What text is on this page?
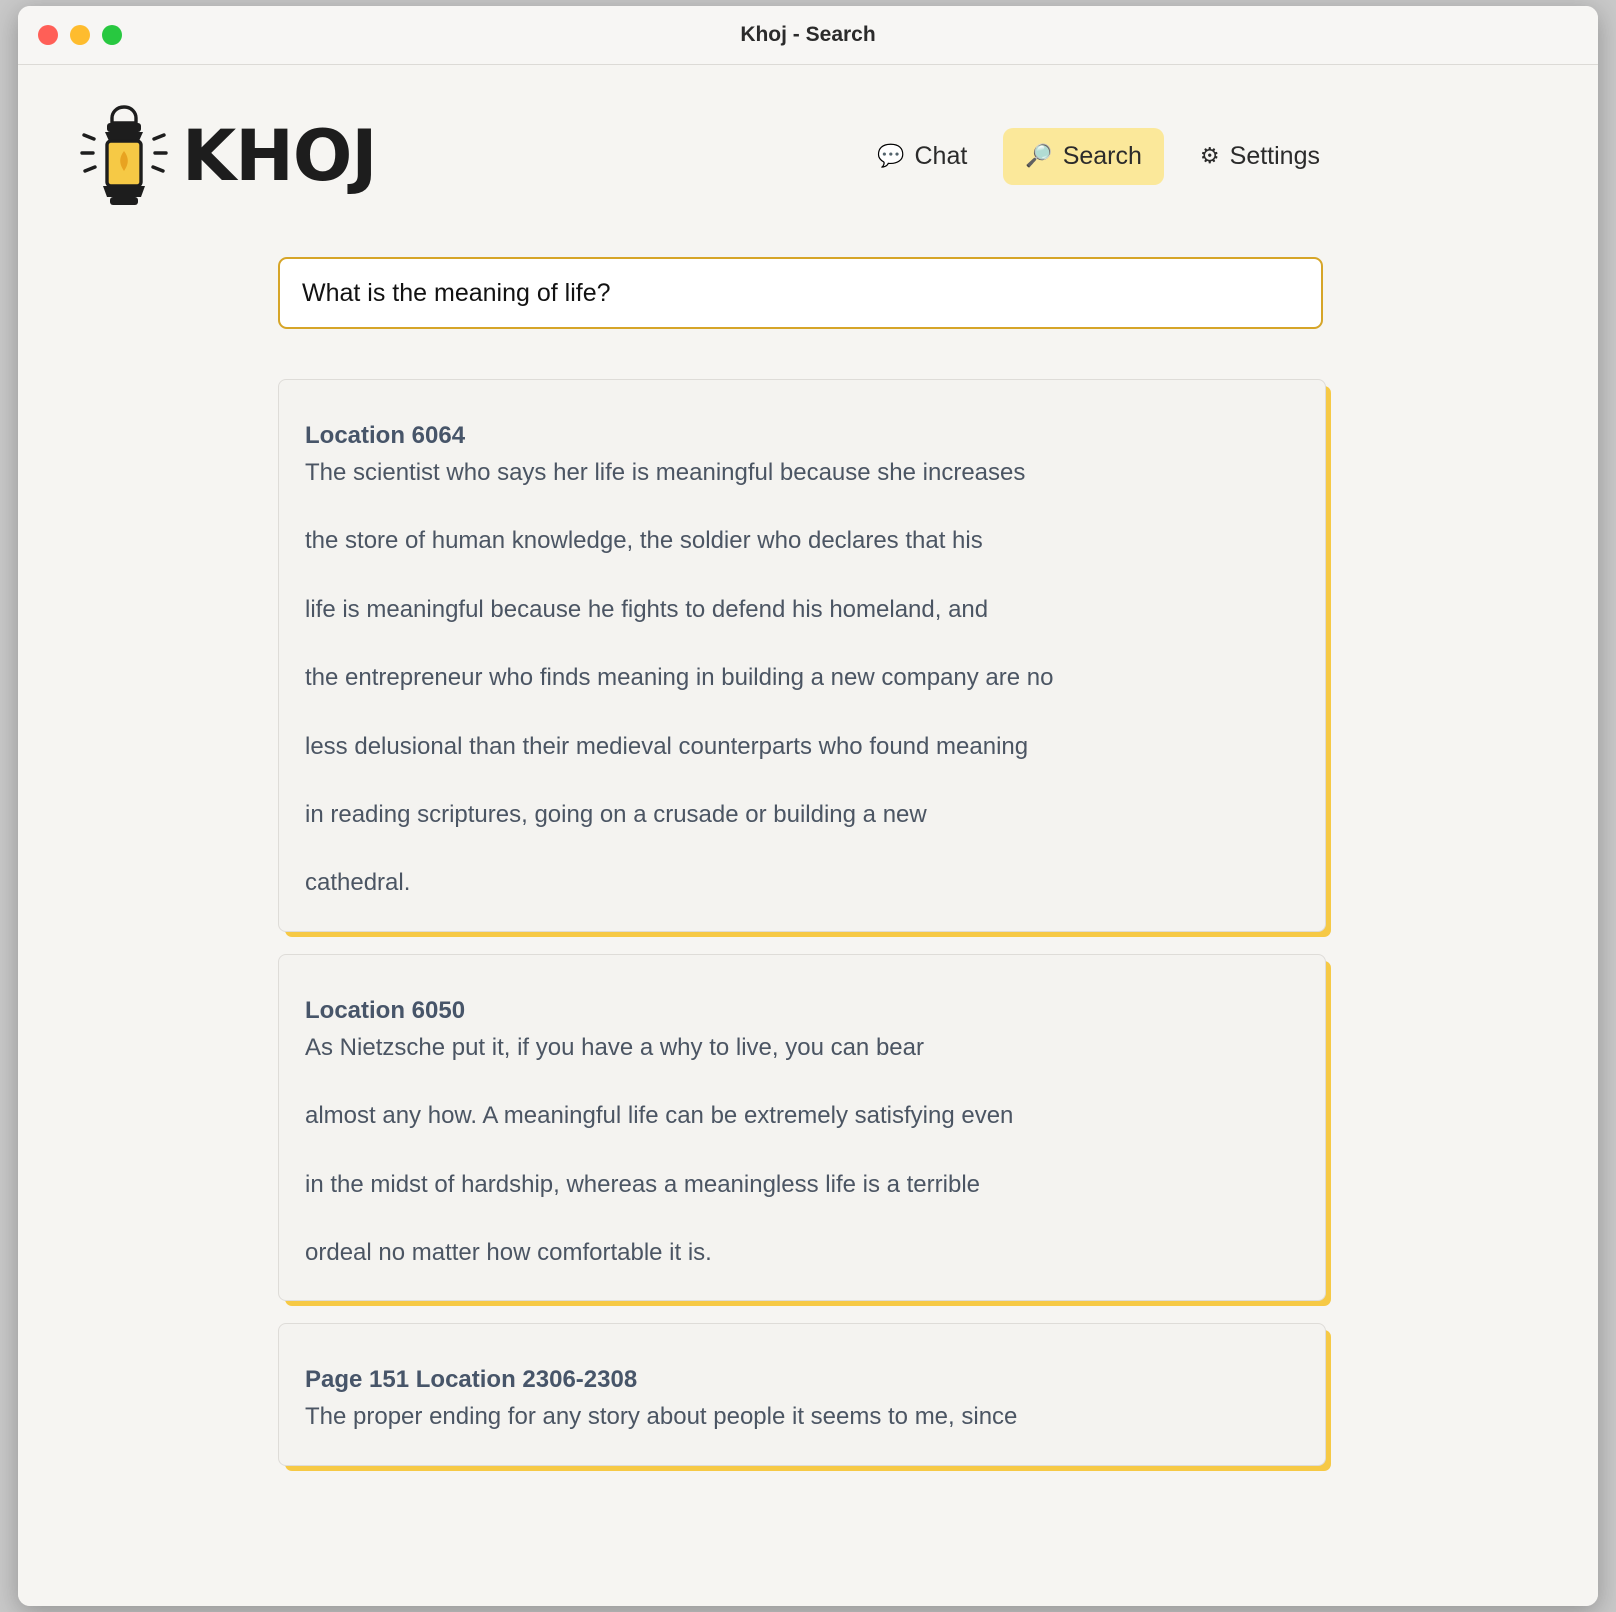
Khoj - Search
KHOJ	💬 Chat	🔎 Search	⚙ Settings
What is the meaning of life?
Location 6064

The scientist who says her life is meaningful because she increases

the store of human knowledge, the soldier who declares that his

life is meaningful because he fights to defend his homeland, and

the entrepreneur who finds meaning in building a new company are no

less delusional than their medieval counterparts who found meaning

in reading scriptures, going on a crusade or building a new

cathedral.

Location 6050

As Nietzsche put it, if you have a why to live, you can bear

almost any how. A meaningful life can be extremely satisfying even

in the midst of hardship, whereas a meaningless life is a terrible

ordeal no matter how comfortable it is.

Page 151 Location 2306-2308

The proper ending for any story about people it seems to me, since
